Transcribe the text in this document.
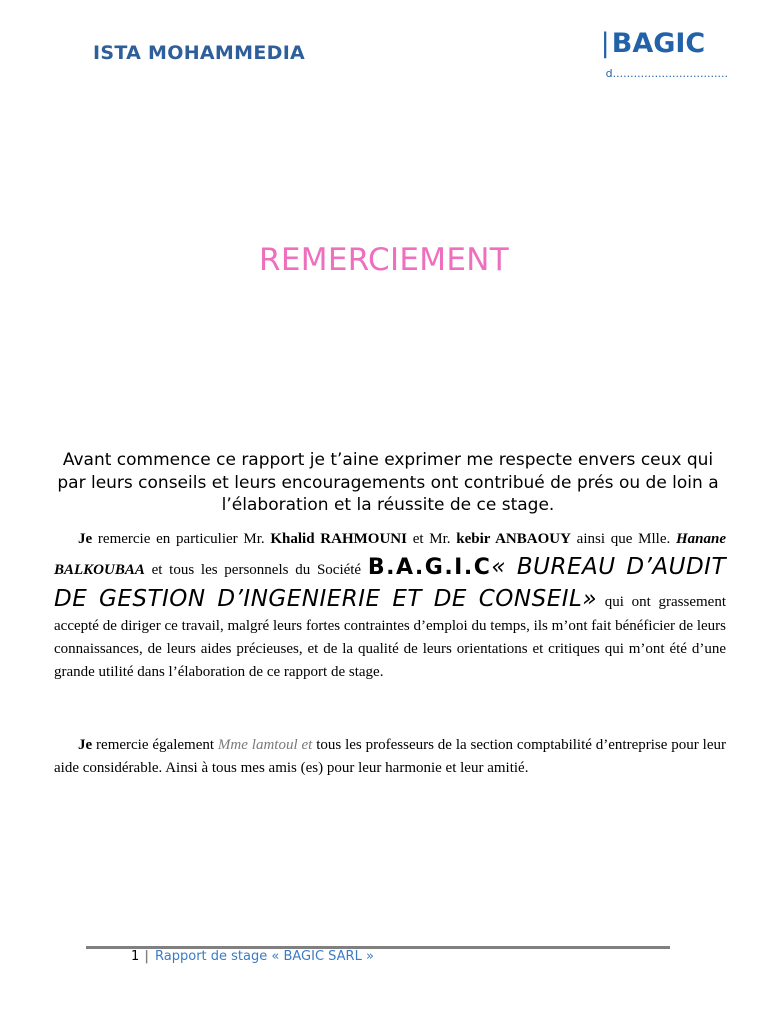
ISTA MOHAMMEDIA	|BAGIC
d.................................
REMERCIEMENT
Avant commence ce rapport je t’aine exprimer me respecte envers ceux qui par leurs conseils et leurs encouragements ont contribué de prés ou de loin a l’élaboration et la réussite de ce stage.

Je remercie en particulier Mr. Khalid RAHMOUNI et Mr. kebir ANBAOUY ainsi que Mlle. Hanane BALKOUBAA et tous les personnels du Société B.A.G.I.C« BUREAU D’AUDIT DE GESTION D’INGENIERIE ET DE CONSEIL» qui ont grassement accepté de diriger ce travail, malgré leurs fortes contraintes d’emploi du temps, ils m’ont fait bénéficier de leurs connaissances, de leurs aides précieuses, et de la qualité de leurs orientations et critiques qui m’ont été d’une grande utilité dans l’élaboration de ce rapport de stage.

Je remercie également Mme lamtoul et tous les professeurs de la section comptabilité d’entreprise pour leur aide considérable. Ainsi à tous mes amis (es) pour leur harmonie et leur amitié.

1 | Rapport de stage « BAGIC SARL »
